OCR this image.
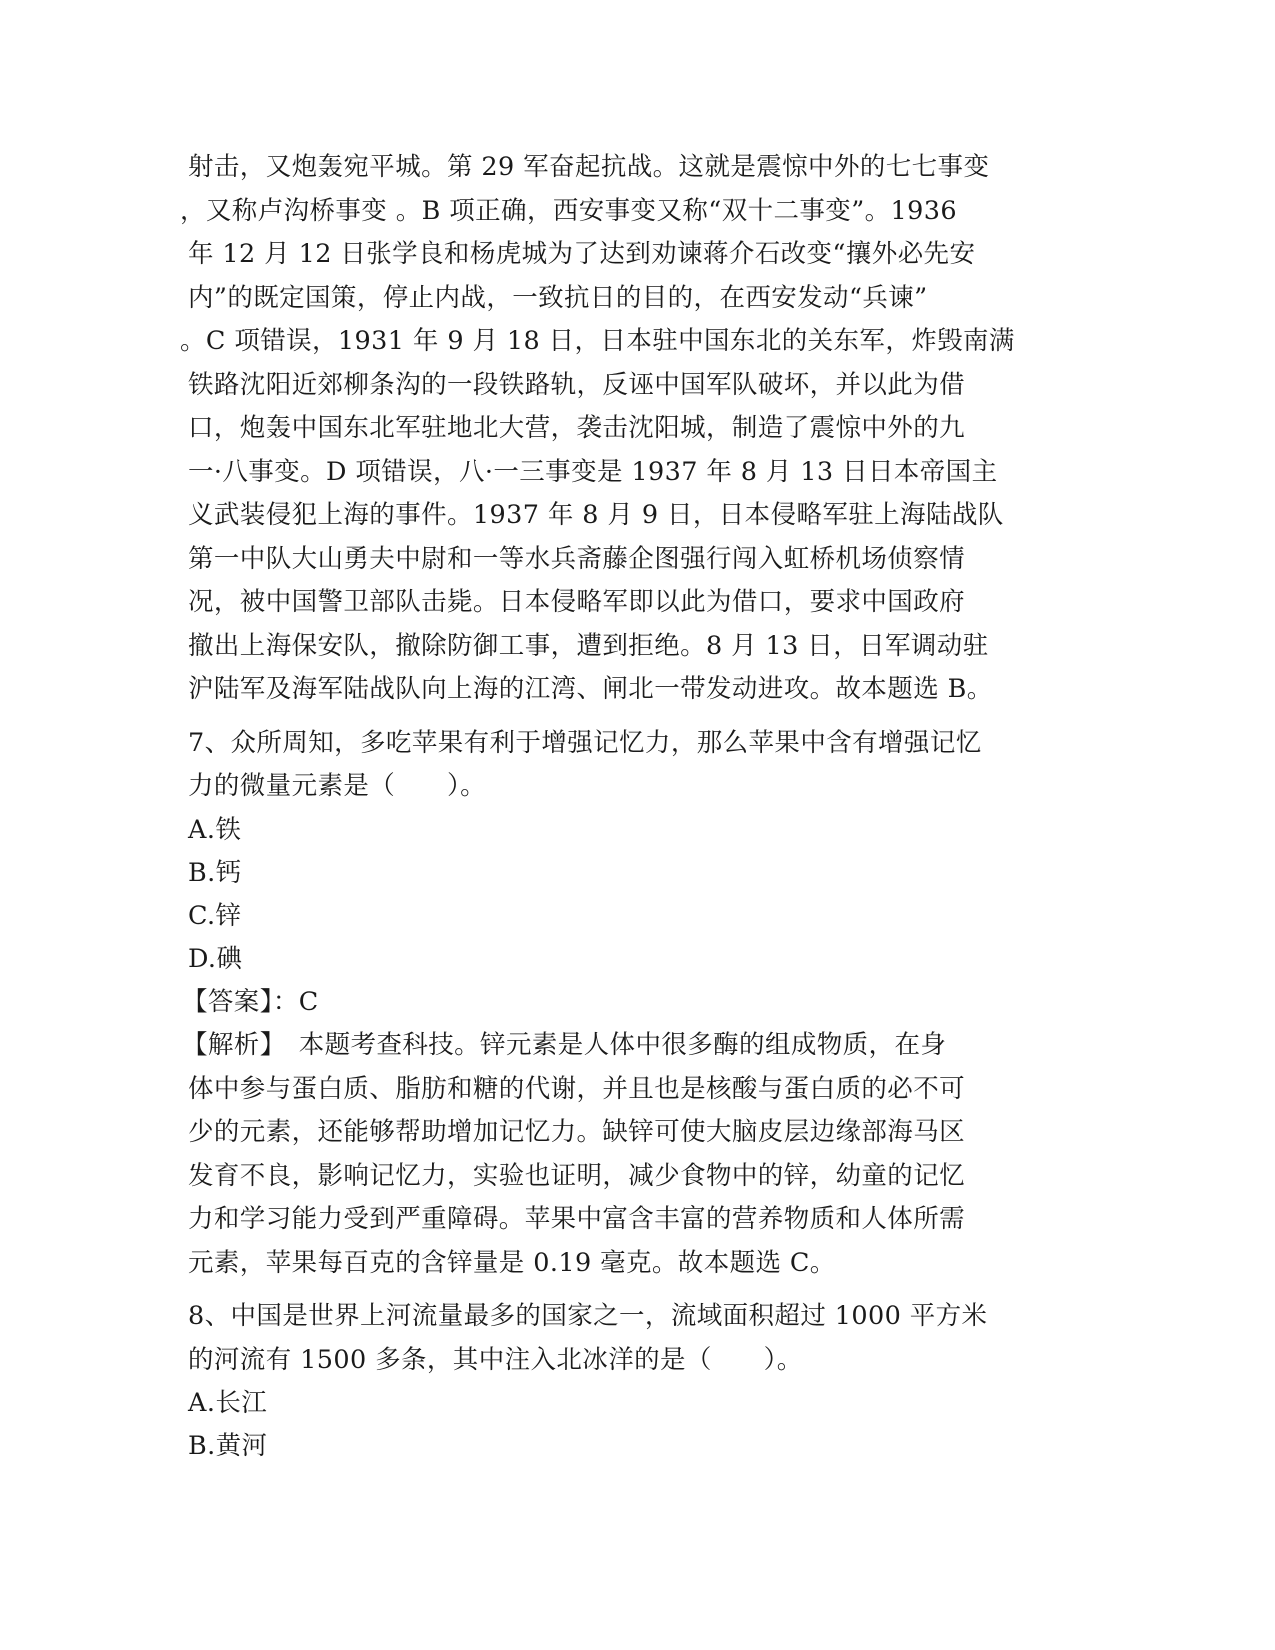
射击，又炮轰宛平城。第 29 军奋起抗战。这就是震惊中外的七七事变
，又称卢沟桥事变 。B 项正确，西安事变又称“双十二事变”。1936
年 12 月 12 日张学良和杨虎城为了达到劝谏蒋介石改变“攘外必先安
内”的既定国策，停止内战，一致抗日的目的，在西安发动“兵谏”
。C 项错误，1931 年 9 月 18 日，日本驻中国东北的关东军，炸毁南满
铁路沈阳近郊柳条沟的一段铁路轨，反诬中国军队破坏，并以此为借
口，炮轰中国东北军驻地北大营，袭击沈阳城，制造了震惊中外的九
一·八事变。D 项错误，八·一三事变是 1937 年 8 月 13 日日本帝国主
义武装侵犯上海的事件。1937 年 8 月 9 日，日本侵略军驻上海陆战队
第一中队大山勇夫中尉和一等水兵斋藤企图强行闯入虹桥机场侦察情
况，被中国警卫部队击毙。日本侵略军即以此为借口，要求中国政府
撤出上海保安队，撤除防御工事，遭到拒绝。8 月 13 日，日军调动驻
沪陆军及海军陆战队向上海的江湾、闸北一带发动进攻。故本题选 B。
7、众所周知，多吃苹果有利于增强记忆力，那么苹果中含有增强记忆
力的微量元素是（　　）。

A.铁

B.钙

C.锌

D.碘

【答案】：C

【解析】　本题考查科技。锌元素是人体中很多酶的组成物质，在身
体中参与蛋白质、脂肪和糖的代谢，并且也是核酸与蛋白质的必不可
少的元素，还能够帮助增加记忆力。缺锌可使大脑皮层边缘部海马区
发育不良，影响记忆力，实验也证明，减少食物中的锌，幼童的记忆
力和学习能力受到严重障碍。苹果中富含丰富的营养物质和人体所需
元素，苹果每百克的含锌量是 0.19 毫克。故本题选 C。
8、中国是世界上河流量最多的国家之一，流域面积超过 1000 平方米
的河流有 1500 多条，其中注入北冰洋的是（　　）。

A.长江

B.黄河
